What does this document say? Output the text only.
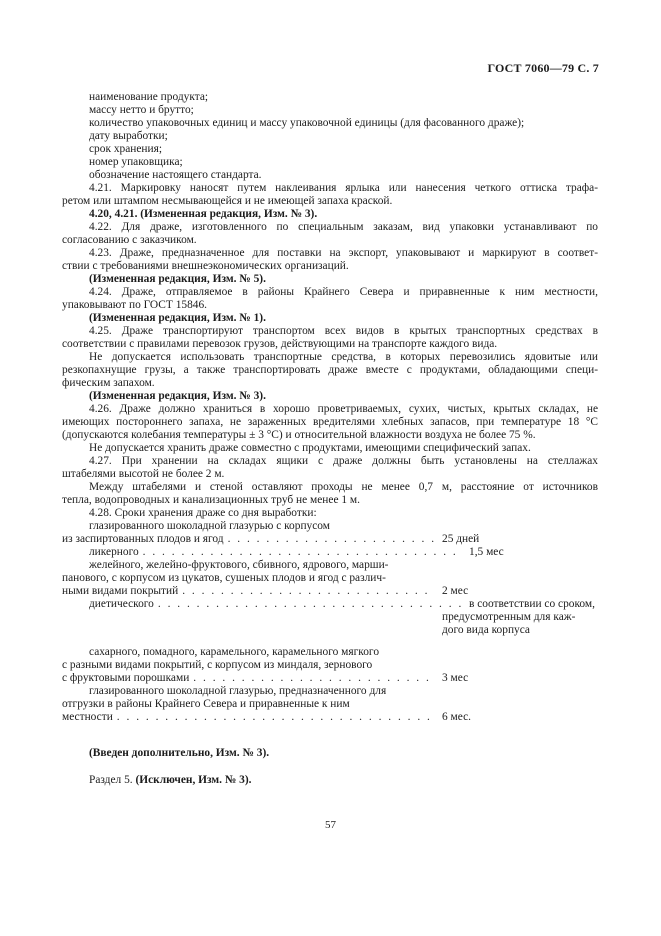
ГОСТ 7060—79 С. 7

наименование продукта;

массу нетто и брутто;

количество упаковочных единиц и массу упаковочной единицы (для фасованного драже);

дату выработки;

срок хранения;

номер упаковщика;

обозначение настоящего стандарта.

4.21. Маркировку наносят путем наклеивания ярлыка или нанесения четкого оттиска трафа-

ретом или штампом несмывающейся и не имеющей запаха краской.

4.20, 4.21. (Измененная редакция, Изм. № 3).

4.22. Для драже, изготовленного по специальным заказам, вид упаковки устанавливают по

согласованию с заказчиком.

4.23. Драже, предназначенное для поставки на экспорт, упаковывают и маркируют в соответ-

ствии с требованиями внешнеэкономических организаций.

(Измененная редакция, Изм. № 5).

4.24. Драже, отправляемое в районы Крайнего Севера и приравненные к ним местности,

упаковывают по ГОСТ 15846.

(Измененная редакция, Изм. № 1).

4.25. Драже транспортируют транспортом всех видов в крытых транспортных средствах в

соответствии с правилами перевозок грузов, действующими на транспорте каждого вида.

Не допускается использовать транспортные средства, в которых перевозились ядовитые или

резкопахнущие грузы, а также транспортировать драже вместе с продуктами, обладающими специ-

фическим запахом.

(Измененная редакция, Изм. № 3).

4.26. Драже должно храниться в хорошо проветриваемых, сухих, чистых, крытых складах, не

имеющих постороннего запаха, не зараженных вредителями хлебных запасов, при температуре 18 °С

(допускаются колебания температуры ± 3 °С) и относительной влажности воздуха не более 75 %.

Не допускается хранить драже совместно с продуктами, имеющими специфический запах.

4.27. При хранении на складах ящики с драже должны быть установлены на стеллажах

штабелями высотой не более 2 м.

Между штабелями и стеной оставляют проходы не менее 0,7 м, расстояние от источников

тепла, водопроводных и канализационных труб не менее 1 м.

4.28. Сроки хранения драже со дня выработки:

глазированного шоколадной глазурью с корпусом

из заспиртованных плодов и ягод . . .	25 дней
ликерного . . .	1,5 мес

желейного, желейно-фруктового, сбивного, ядрового, марши-

панового, с корпусом из цукатов, сушеных плодов и ягод с различ-

ными видами покрытий . . .	2 мес
диетического . . .	в соответствии со сроком,

предусмотренным для каж-

дого вида корпуса

сахарного, помадного, карамельного, карамельного мягкого

с разными видами покрытий, с корпусом из миндаля, зернового

с фруктовыми порошками . . .	3 мес

глазированного шоколадной глазурью, предназначенного для

отгрузки в районы Крайнего Севера и приравненные к ним

местности . . .	6 мес.

(Введен дополнительно, Изм. № 3).

Раздел 5. (Исключен, Изм. № 3).

57
